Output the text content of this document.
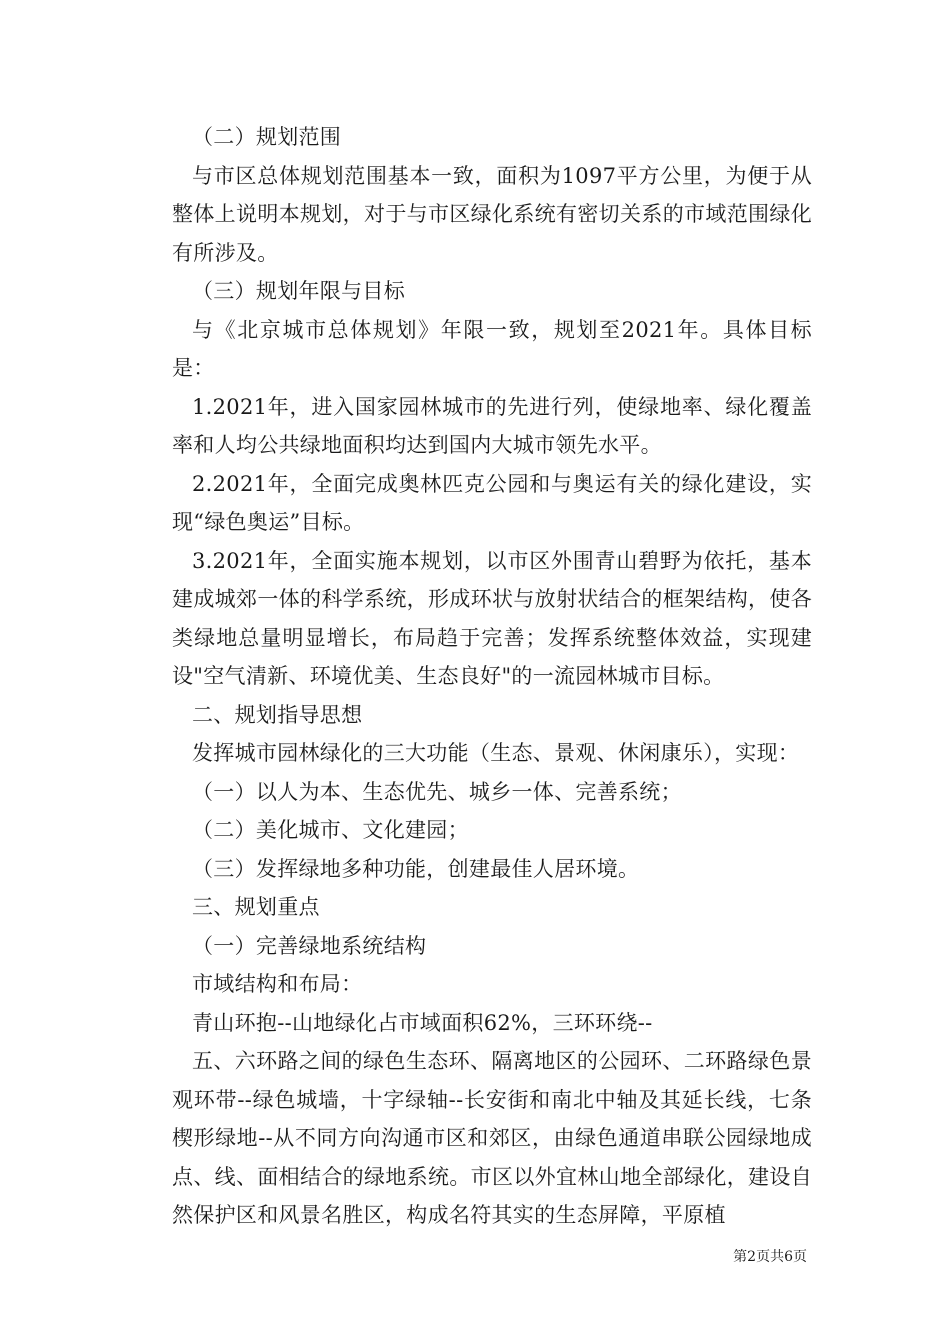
（二）规划范围

与市区总体规划范围基本一致，面积为1097平方公里，为便于从整体上说明本规划，对于与市区绿化系统有密切关系的市域范围绿化有所涉及。

（三）规划年限与目标

与《北京城市总体规划》年限一致，规划至2021年。具体目标是：

1.2021年，进入国家园林城市的先进行列，使绿地率、绿化覆盖率和人均公共绿地面积均达到国内大城市领先水平。

2.2021年，全面完成奥林匹克公园和与奥运有关的绿化建设，实现“绿色奥运”目标。

3.2021年，全面实施本规划，以市区外围青山碧野为依托，基本建成城郊一体的科学系统，形成环状与放射状结合的框架结构，使各类绿地总量明显增长，布局趋于完善；发挥系统整体效益，实现建设"空气清新、环境优美、生态良好"的一流园林城市目标。

二、规划指导思想

发挥城市园林绿化的三大功能（生态、景观、休闲康乐），实现：

（一）以人为本、生态优先、城乡一体、完善系统；

（二）美化城市、文化建园；

（三）发挥绿地多种功能，创建最佳人居环境。

三、规划重点

（一）完善绿地系统结构

市域结构和布局：

青山环抱--山地绿化占市域面积62%，三环环绕--

五、六环路之间的绿色生态环、隔离地区的公园环、二环路绿色景观环带--绿色城墙，十字绿轴--长安街和南北中轴及其延长线，七条楔形绿地--从不同方向沟通市区和郊区，由绿色通道串联公园绿地成点、线、面相结合的绿地系统。市区以外宜林山地全部绿化，建设自然保护区和风景名胜区，构成名符其实的生态屏障，平原植

第2页共6页
